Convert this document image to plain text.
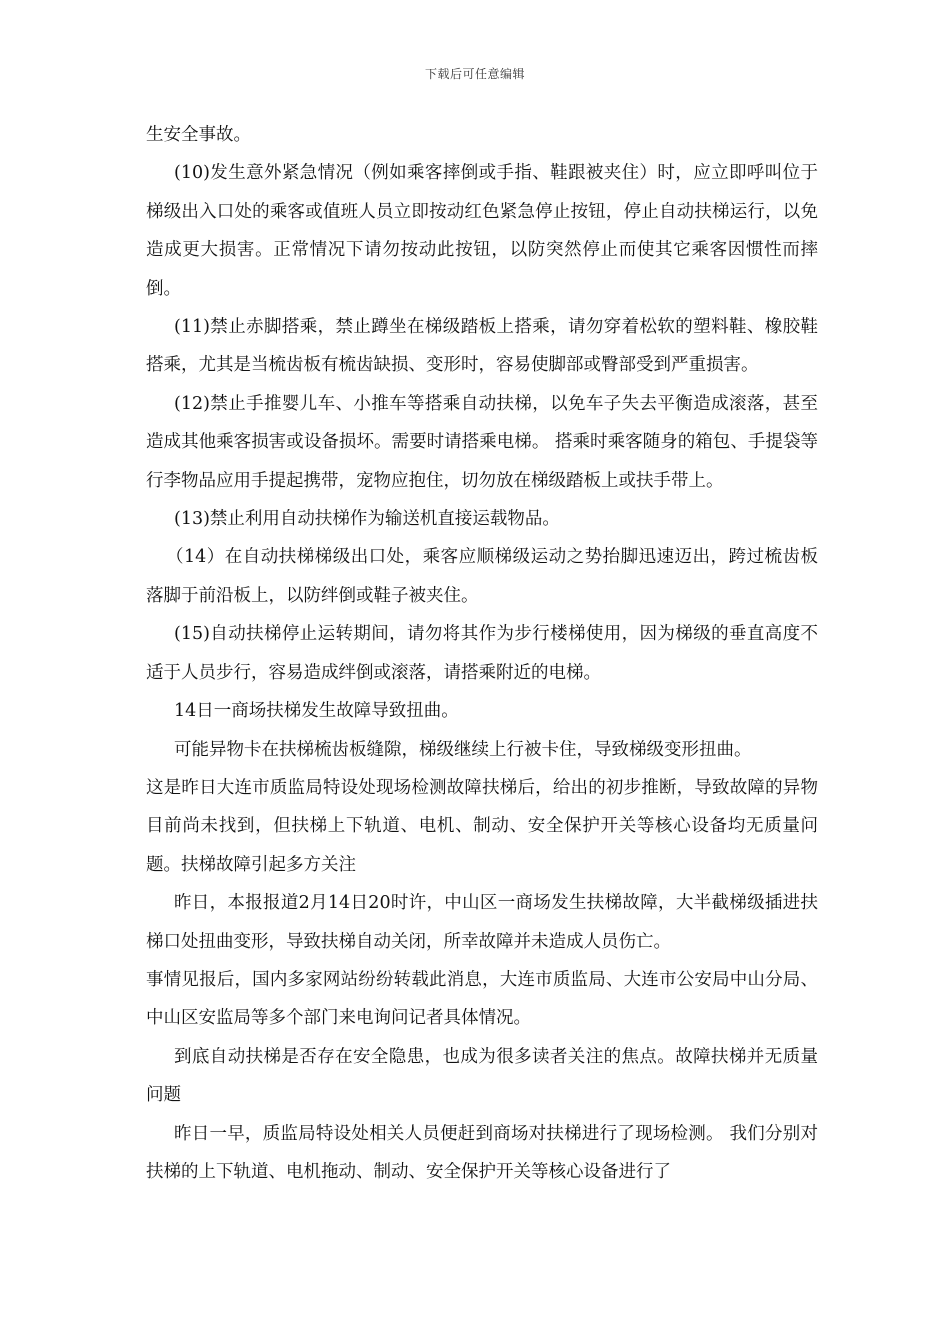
下载后可任意编辑

生安全事故。

(10)发生意外紧急情况（例如乘客摔倒或手指、鞋跟被夹住）时，应立即呼叫位于梯级出入口处的乘客或值班人员立即按动红色紧急停止按钮，停止自动扶梯运行，以免造成更大损害。正常情况下请勿按动此按钮，以防突然停止而使其它乘客因惯性而摔倒。

(11)禁止赤脚搭乘，禁止蹲坐在梯级踏板上搭乘，请勿穿着松软的塑料鞋、橡胶鞋搭乘，尤其是当梳齿板有梳齿缺损、变形时，容易使脚部或臀部受到严重损害。

(12)禁止手推婴儿车、小推车等搭乘自动扶梯，以免车子失去平衡造成滚落，甚至造成其他乘客损害或设备损坏。需要时请搭乘电梯。 搭乘时乘客随身的箱包、手提袋等行李物品应用手提起携带，宠物应抱住，切勿放在梯级踏板上或扶手带上。

(13)禁止利用自动扶梯作为输送机直接运载物品。

（14）在自动扶梯梯级出口处，乘客应顺梯级运动之势抬脚迅速迈出，跨过梳齿板落脚于前沿板上，以防绊倒或鞋子被夹住。

(15)自动扶梯停止运转期间，请勿将其作为步行楼梯使用，因为梯级的垂直高度不适于人员步行，容易造成绊倒或滚落，请搭乘附近的电梯。

14日一商场扶梯发生故障导致扭曲。

可能异物卡在扶梯梳齿板缝隙，梯级继续上行被卡住，导致梯级变形扭曲。

这是昨日大连市质监局特设处现场检测故障扶梯后，给出的初步推断，导致故障的异物目前尚未找到，但扶梯上下轨道、电机、制动、安全保护开关等核心设备均无质量问题。扶梯故障引起多方关注

昨日，本报报道2月14日20时许，中山区一商场发生扶梯故障，大半截梯级插进扶梯口处扭曲变形，导致扶梯自动关闭，所幸故障并未造成人员伤亡。

事情见报后，国内多家网站纷纷转载此消息，大连市质监局、大连市公安局中山分局、中山区安监局等多个部门来电询问记者具体情况。

到底自动扶梯是否存在安全隐患，也成为很多读者关注的焦点。故障扶梯并无质量问题

昨日一早，质监局特设处相关人员便赶到商场对扶梯进行了现场检测。 我们分别对扶梯的上下轨道、电机拖动、制动、安全保护开关等核心设备进行了
